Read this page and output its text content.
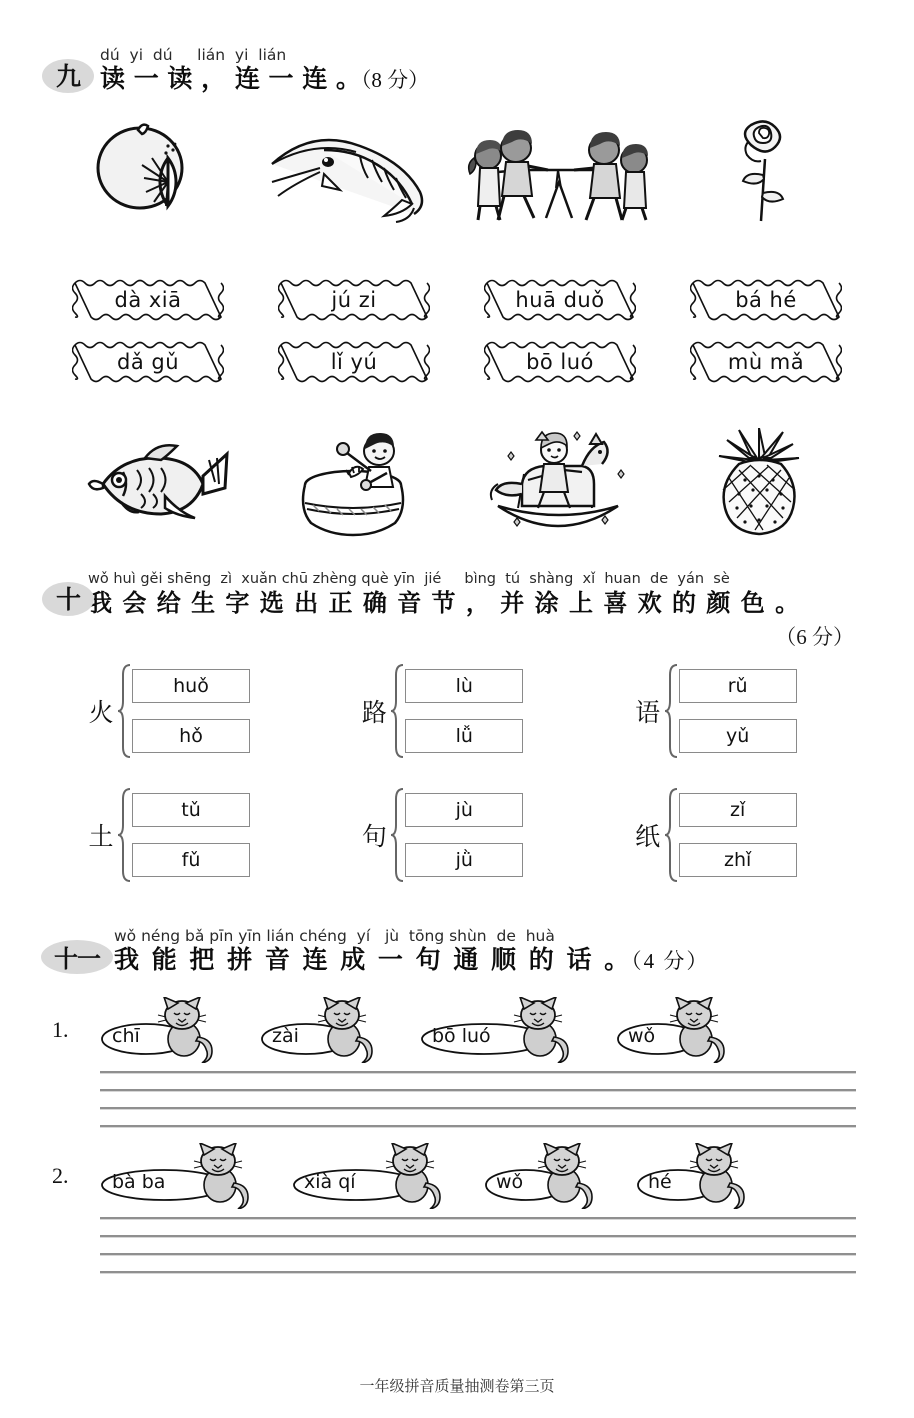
九
dú  yi  dú     lián  yi  lián
读 一 读 ， 连 一 连 。（8 分）
dà xiā
dǎ gǔ
jú zi
lǐ yú
huā duǒ
bō luó
bá hé
mù mǎ
十
wǒ huì gěi shēng  zì  xuǎn chū zhèng què yīn  jié     bìng  tú  shàng  xǐ  huan  de  yán  sè
我 会 给 生 字 选 出 正 确 音 节 ， 并 涂 上 喜 欢 的 颜 色 。
（6 分）
火
huǒ
hǒ
土
tǔ
fǔ
路
lù
lǚ
句
jù
jǜ
语
rǔ
yǔ
纸
zǐ
zhǐ
十一
wǒ néng bǎ pīn yīn lián chéng  yí   jù  tōng shùn  de  huà
我 能 把 拼 音 连 成 一 句 通 顺 的 话 。（4 分）
1.	chī	zài	bō luó	wǒ
2.	bà ba	xià qí	wǒ	hé
一年级拼音质量抽测卷第三页
